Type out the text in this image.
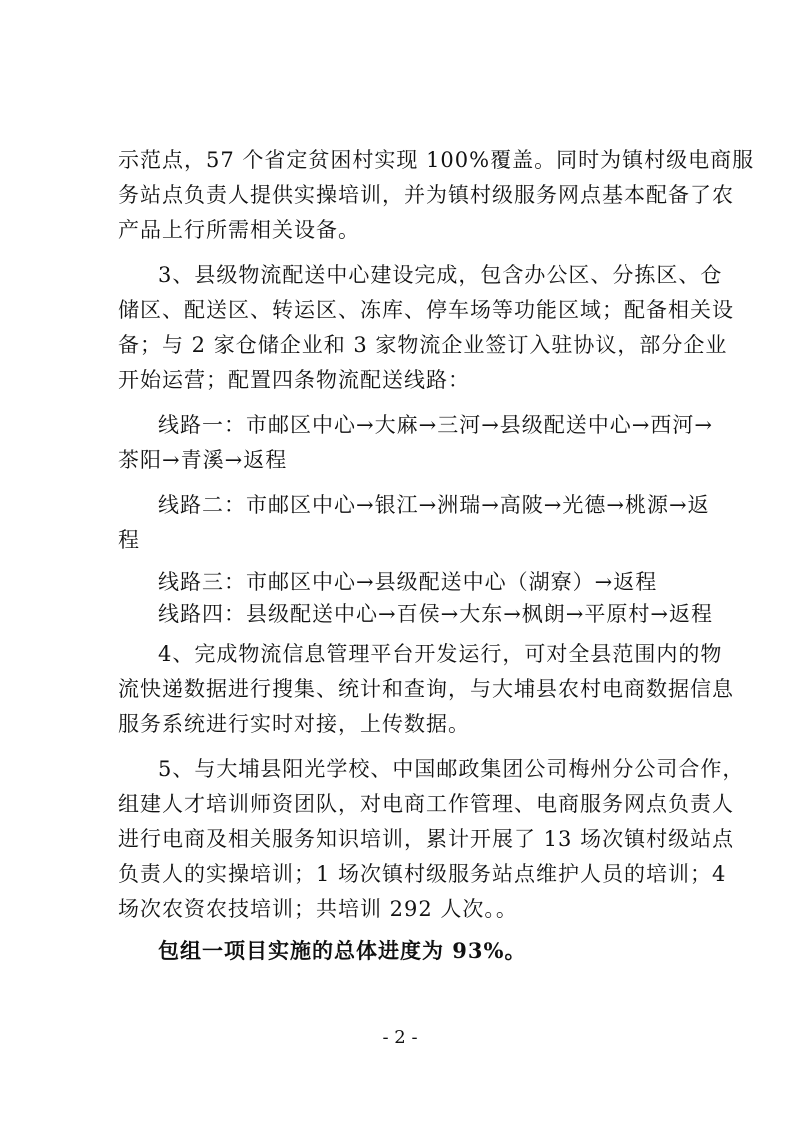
示范点，57 个省定贫困村实现 100%覆盖。同时为镇村级电商服
务站点负责人提供实操培训，并为镇村级服务网点基本配备了农
产品上行所需相关设备。
3、县级物流配送中心建设完成，包含办公区、分拣区、仓
储区、配送区、转运区、冻库、停车场等功能区域；配备相关设
备；与 2 家仓储企业和 3 家物流企业签订入驻协议，部分企业
开始运营；配置四条物流配送线路：
线路一：市邮区中心→大麻→三河→县级配送中心→西河→
茶阳→青溪→返程
线路二：市邮区中心→银江→洲瑞→高陂→光德→桃源→返
程
线路三：市邮区中心→县级配送中心（湖寮）→返程
线路四：县级配送中心→百侯→大东→枫朗→平原村→返程
4、完成物流信息管理平台开发运行，可对全县范围内的物
流快递数据进行搜集、统计和查询，与大埔县农村电商数据信息
服务系统进行实时对接，上传数据。
5、与大埔县阳光学校、中国邮政集团公司梅州分公司合作，
组建人才培训师资团队，对电商工作管理、电商服务网点负责人
进行电商及相关服务知识培训，累计开展了 13 场次镇村级站点
负责人的实操培训；1 场次镇村级服务站点维护人员的培训；4
场次农资农技培训；共培训 292 人次。。
包组一项目实施的总体进度为 93%。
- 2 -
